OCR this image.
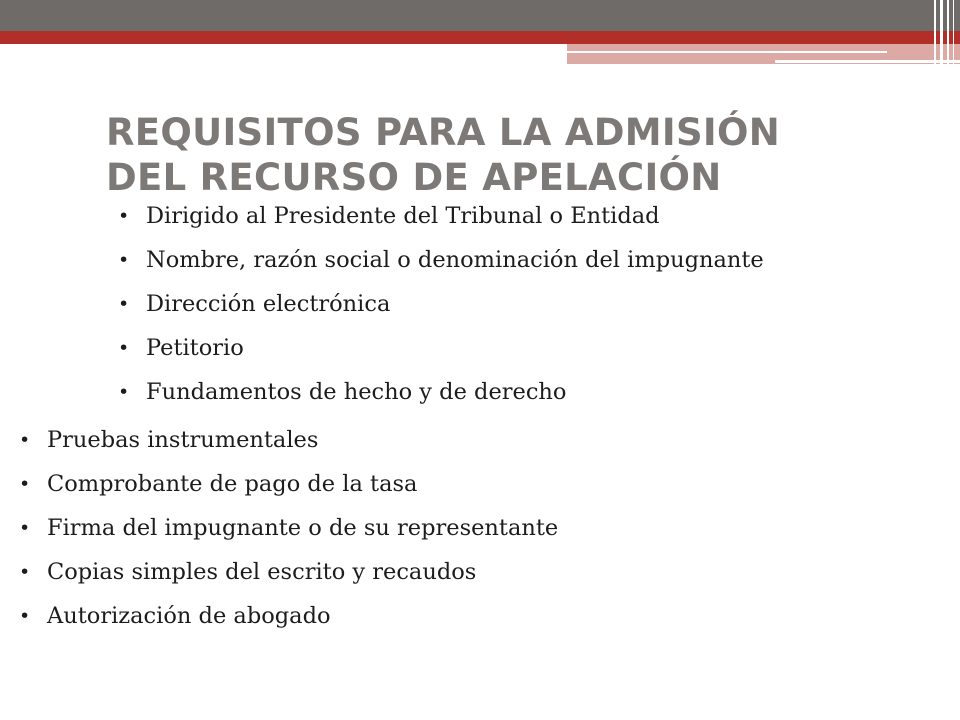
REQUISITOS PARA LA ADMISIÓN
DEL RECURSO DE APELACIÓN
• Dirigido al Presidente del Tribunal o Entidad
• Nombre, razón social o denominación del impugnante
• Dirección electrónica
• Petitorio
• Fundamentos de hecho y de derecho
• Pruebas instrumentales
• Comprobante de pago de la tasa
• Firma del impugnante o de su representante
• Copias simples del escrito y recaudos
• Autorización de abogado
